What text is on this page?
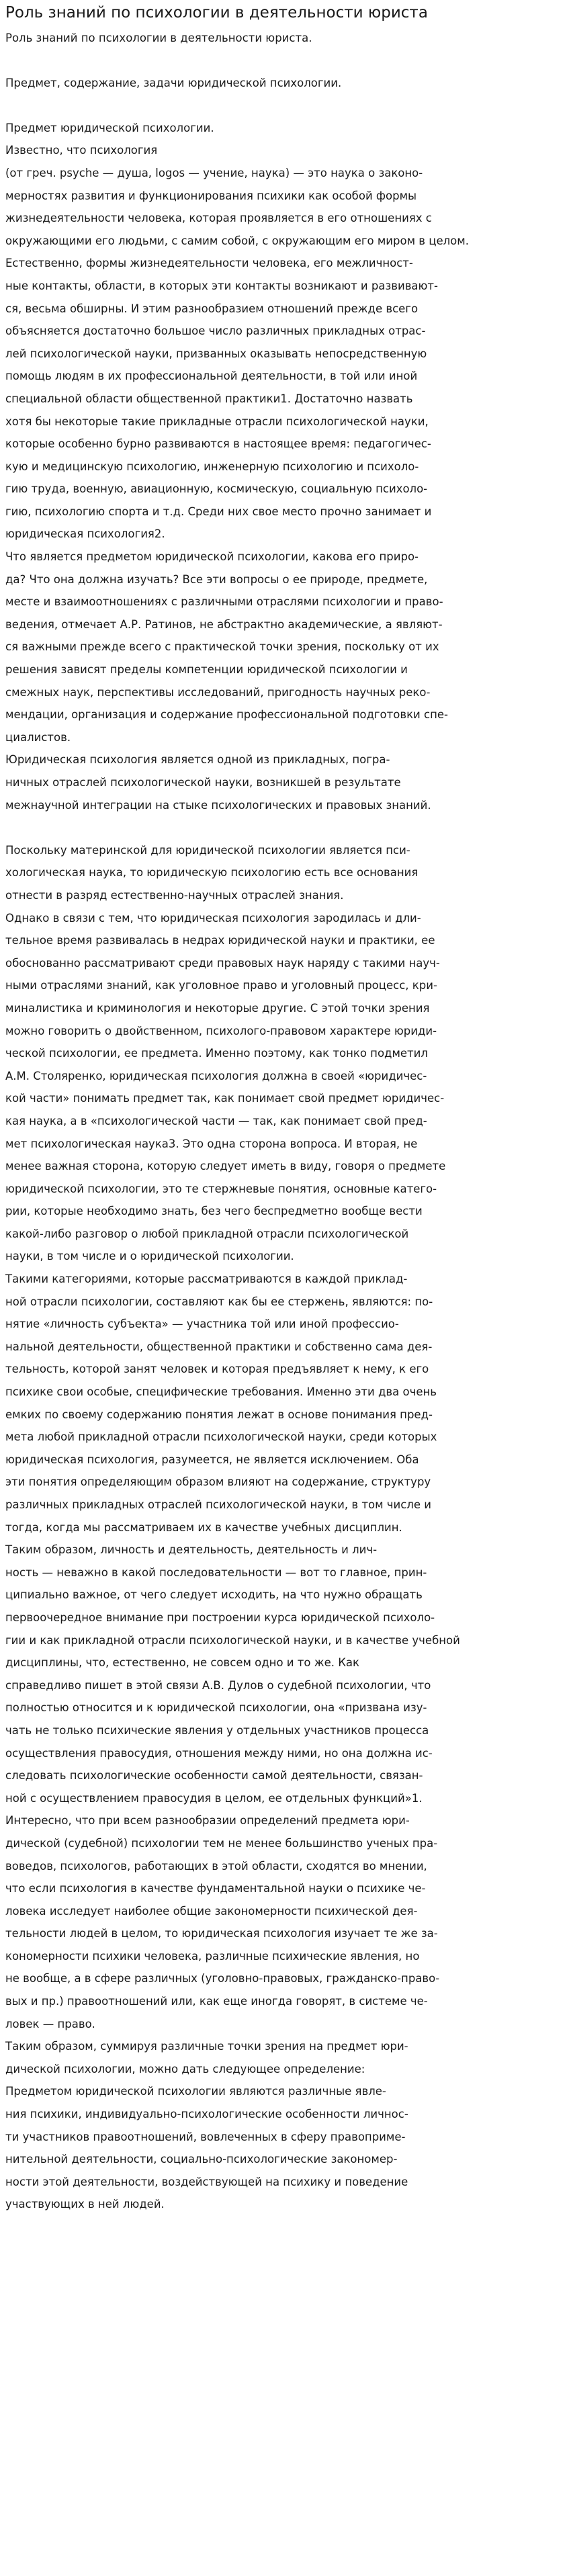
Роль знаний по психологии в деятельности юриста
Роль знаний по психологии в деятельности юриста.
Предмет, содержание, задачи юридической психологии.
Предмет юридической психологии.
Известно, что психология
(от греч. psyche — душа, logos — учение, наука) — это наука о законо-
мерностях развития и функционирования психики как особой формы
жизнедеятельности человека, которая проявляется в его отношениях с
окружающими его людьми, с самим собой, с окружающим его миром в целом.
Естественно, формы жизнедеятельности человека, его межличност-
ные контакты, области, в которых эти контакты возникают и развивают-
ся, весьма обширны. И этим разнообразием отношений прежде всего
объясняется достаточно большое число различных прикладных отрас-
лей психологической науки, призванных оказывать непосредственную
помощь людям в их профессиональной деятельности, в той или иной
специальной области общественной практики1. Достаточно назвать
хотя бы некоторые такие прикладные отрасли психологической науки,
которые особенно бурно развиваются в настоящее время: педагогичес-
кую и медицинскую психологию, инженерную психологию и психоло-
гию труда, военную, авиационную, космическую, социальную психоло-
гию, психологию спорта и т.д. Среди них свое место прочно занимает и
юридическая психология2.
Что является предметом юридической психологии, какова его приро-
да? Что она должна изучать? Все эти вопросы о ее природе, предмете,
месте и взаимоотношениях с различными отраслями психологии и право-
ведения, отмечает А.Р. Ратинов, не абстрактно академические, а являют-
ся важными прежде всего с практической точки зрения, поскольку от их
решения зависят пределы компетенции юридической психологии и
смежных наук, перспективы исследований, пригодность научных реко-
мендации, организация и содержание профессиональной подготовки спе-
циалистов.
Юридическая психология является одной из прикладных, погра-
ничных отраслей психологической науки, возникшей в результате
межнаучной интеграции на стыке психологических и правовых знаний.
Поскольку материнской для юридической психологии является пси-
хологическая наука, то юридическую психологию есть все основания
отнести в разряд естественно-научных отраслей знания.
Однако в связи с тем, что юридическая психология зародилась и дли-
тельное время развивалась в недрах юридической науки и практики, ее
обоснованно рассматривают среди правовых наук наряду с такими науч-
ными отраслями знаний, как уголовное право и уголовный процесс, кри-
миналистика и криминология и некоторые другие. С этой точки зрения
можно говорить о двойственном, психолого-правовом характере юриди-
ческой психологии, ее предмета. Именно поэтому, как тонко подметил
А.М. Столяренко, юридическая психология должна в своей «юридичес-
кой части» понимать предмет так, как понимает свой предмет юридичес-
кая наука, а в «психологической части — так, как понимает свой пред-
мет психологическая наука3. Это одна сторона вопроса. И вторая, не
менее важная сторона, которую следует иметь в виду, говоря о предмете
юридической психологии, это те стержневые понятия, основные катего-
рии, которые необходимо знать, без чего беспредметно вообще вести
какой-либо разговор о любой прикладной отрасли психологической
науки, в том числе и о юридической психологии.
Такими категориями, которые рассматриваются в каждой приклад-
ной отрасли психологии, составляют как бы ее стержень, являются: по-
нятие «личность субъекта» — участника той или иной профессио-
нальной деятельности, общественной практики и собственно сама дея-
тельность, которой занят человек и которая предъявляет к нему, к его
психике свои особые, специфические требования. Именно эти два очень
емких по своему содержанию понятия лежат в основе понимания пред-
мета любой прикладной отрасли психологической науки, среди которых
юридическая психология, разумеется, не является исключением. Оба
эти понятия определяющим образом влияют на содержание, структуру
различных прикладных отраслей психологической науки, в том числе и
тогда, когда мы рассматриваем их в качестве учебных дисциплин.
Таким образом, личность и деятельность, деятельность и лич-
ность — неважно в какой последовательности — вот то главное, прин-
ципиально важное, от чего следует исходить, на что нужно обращать
первоочередное внимание при построении курса юридической психоло-
гии и как прикладной отрасли психологической науки, и в качестве учебной
дисциплины, что, естественно, не совсем одно и то же. Как
справедливо пишет в этой связи А.В. Дулов о судебной психологии, что
полностью относится и к юридической психологии, она «призвана изу-
чать не только психические явления у отдельных участников процесса
осуществления правосудия, отношения между ними, но она должна ис-
следовать психологические особенности самой деятельности, связан-
ной с осуществлением правосудия в целом, ее отдельных функций»1.
Интересно, что при всем разнообразии определений предмета юри-
дической (судебной) психологии тем не менее большинство ученых пра-
воведов, психологов, работающих в этой области, сходятся во мнении,
что если психология в качестве фундаментальной науки о психике че-
ловека исследует наиболее общие закономерности психической дея-
тельности людей в целом, то юридическая психология изучает те же за-
кономерности психики человека, различные психические явления, но
не вообще, а в сфере различных (уголовно-правовых, гражданско-право-
вых и пр.) правоотношений или, как еще иногда говорят, в системе че-
ловек — право.
Таким образом, суммируя различные точки зрения на предмет юри-
дической психологии, можно дать следующее определение:
Предметом юридической психологии являются различные явле-
ния психики, индивидуально-психологические особенности личнос-
ти участников правоотношений, вовлеченных в сферу правоприме-
нительной деятельности, социально-психологические закономер-
ности этой деятельности, воздействующей на психику и поведение
участвующих в ней людей.
